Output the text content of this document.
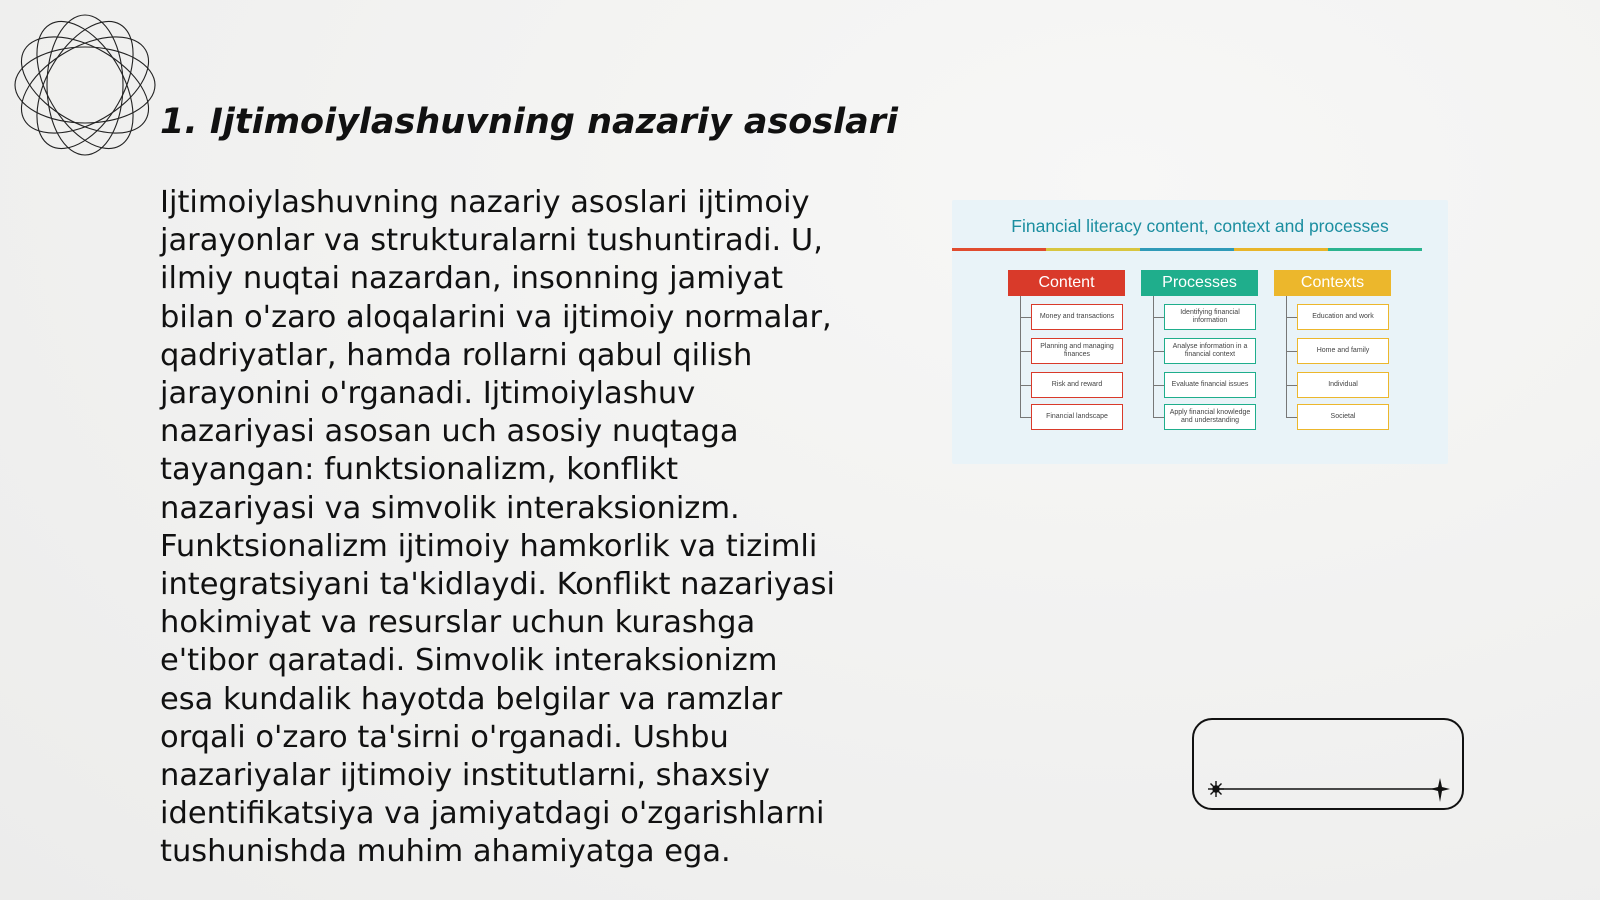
1. Ijtimoiylashuvning nazariy asoslari

Ijtimoiylashuvning nazariy asoslari ijtimoiy jarayonlar va strukturalarni tushuntiradi. U, ilmiy nuqtai nazardan, insonning jamiyat bilan o'zaro aloqalarini va ijtimoiy normalar, qadriyatlar, hamda rollarni qabul qilish jarayonini o'rganadi. Ijtimoiylashuv nazariyasi asosan uch asosiy nuqtaga tayangan: funktsionalizm, konflikt nazariyasi va simvolik interaksionizm. Funktsionalizm ijtimoiy hamkorlik va tizimli integratsiyani ta'kidlaydi. Konflikt nazariyasi hokimiyat va resurslar uchun kurashga e'tibor qaratadi. Simvolik interaksionizm esa kundalik hayotda belgilar va ramzlar orqali o'zaro ta'sirni o'rganadi. Ushbu nazariyalar ijtimoiy institutlarni, shaxsiy identifikatsiya va jamiyatdagi o'zgarishlarni tushunishda muhim ahamiyatga ega.

Financial literacy content, context and processes
Content
Money and transactions
Planning and managing finances
Risk and reward
Financial landscape
Processes
Identifying financial information
Analyse information in a financial context
Evaluate financial issues
Apply financial knowledge and understanding
Contexts
Education and work
Home and family
Individual
Societal
